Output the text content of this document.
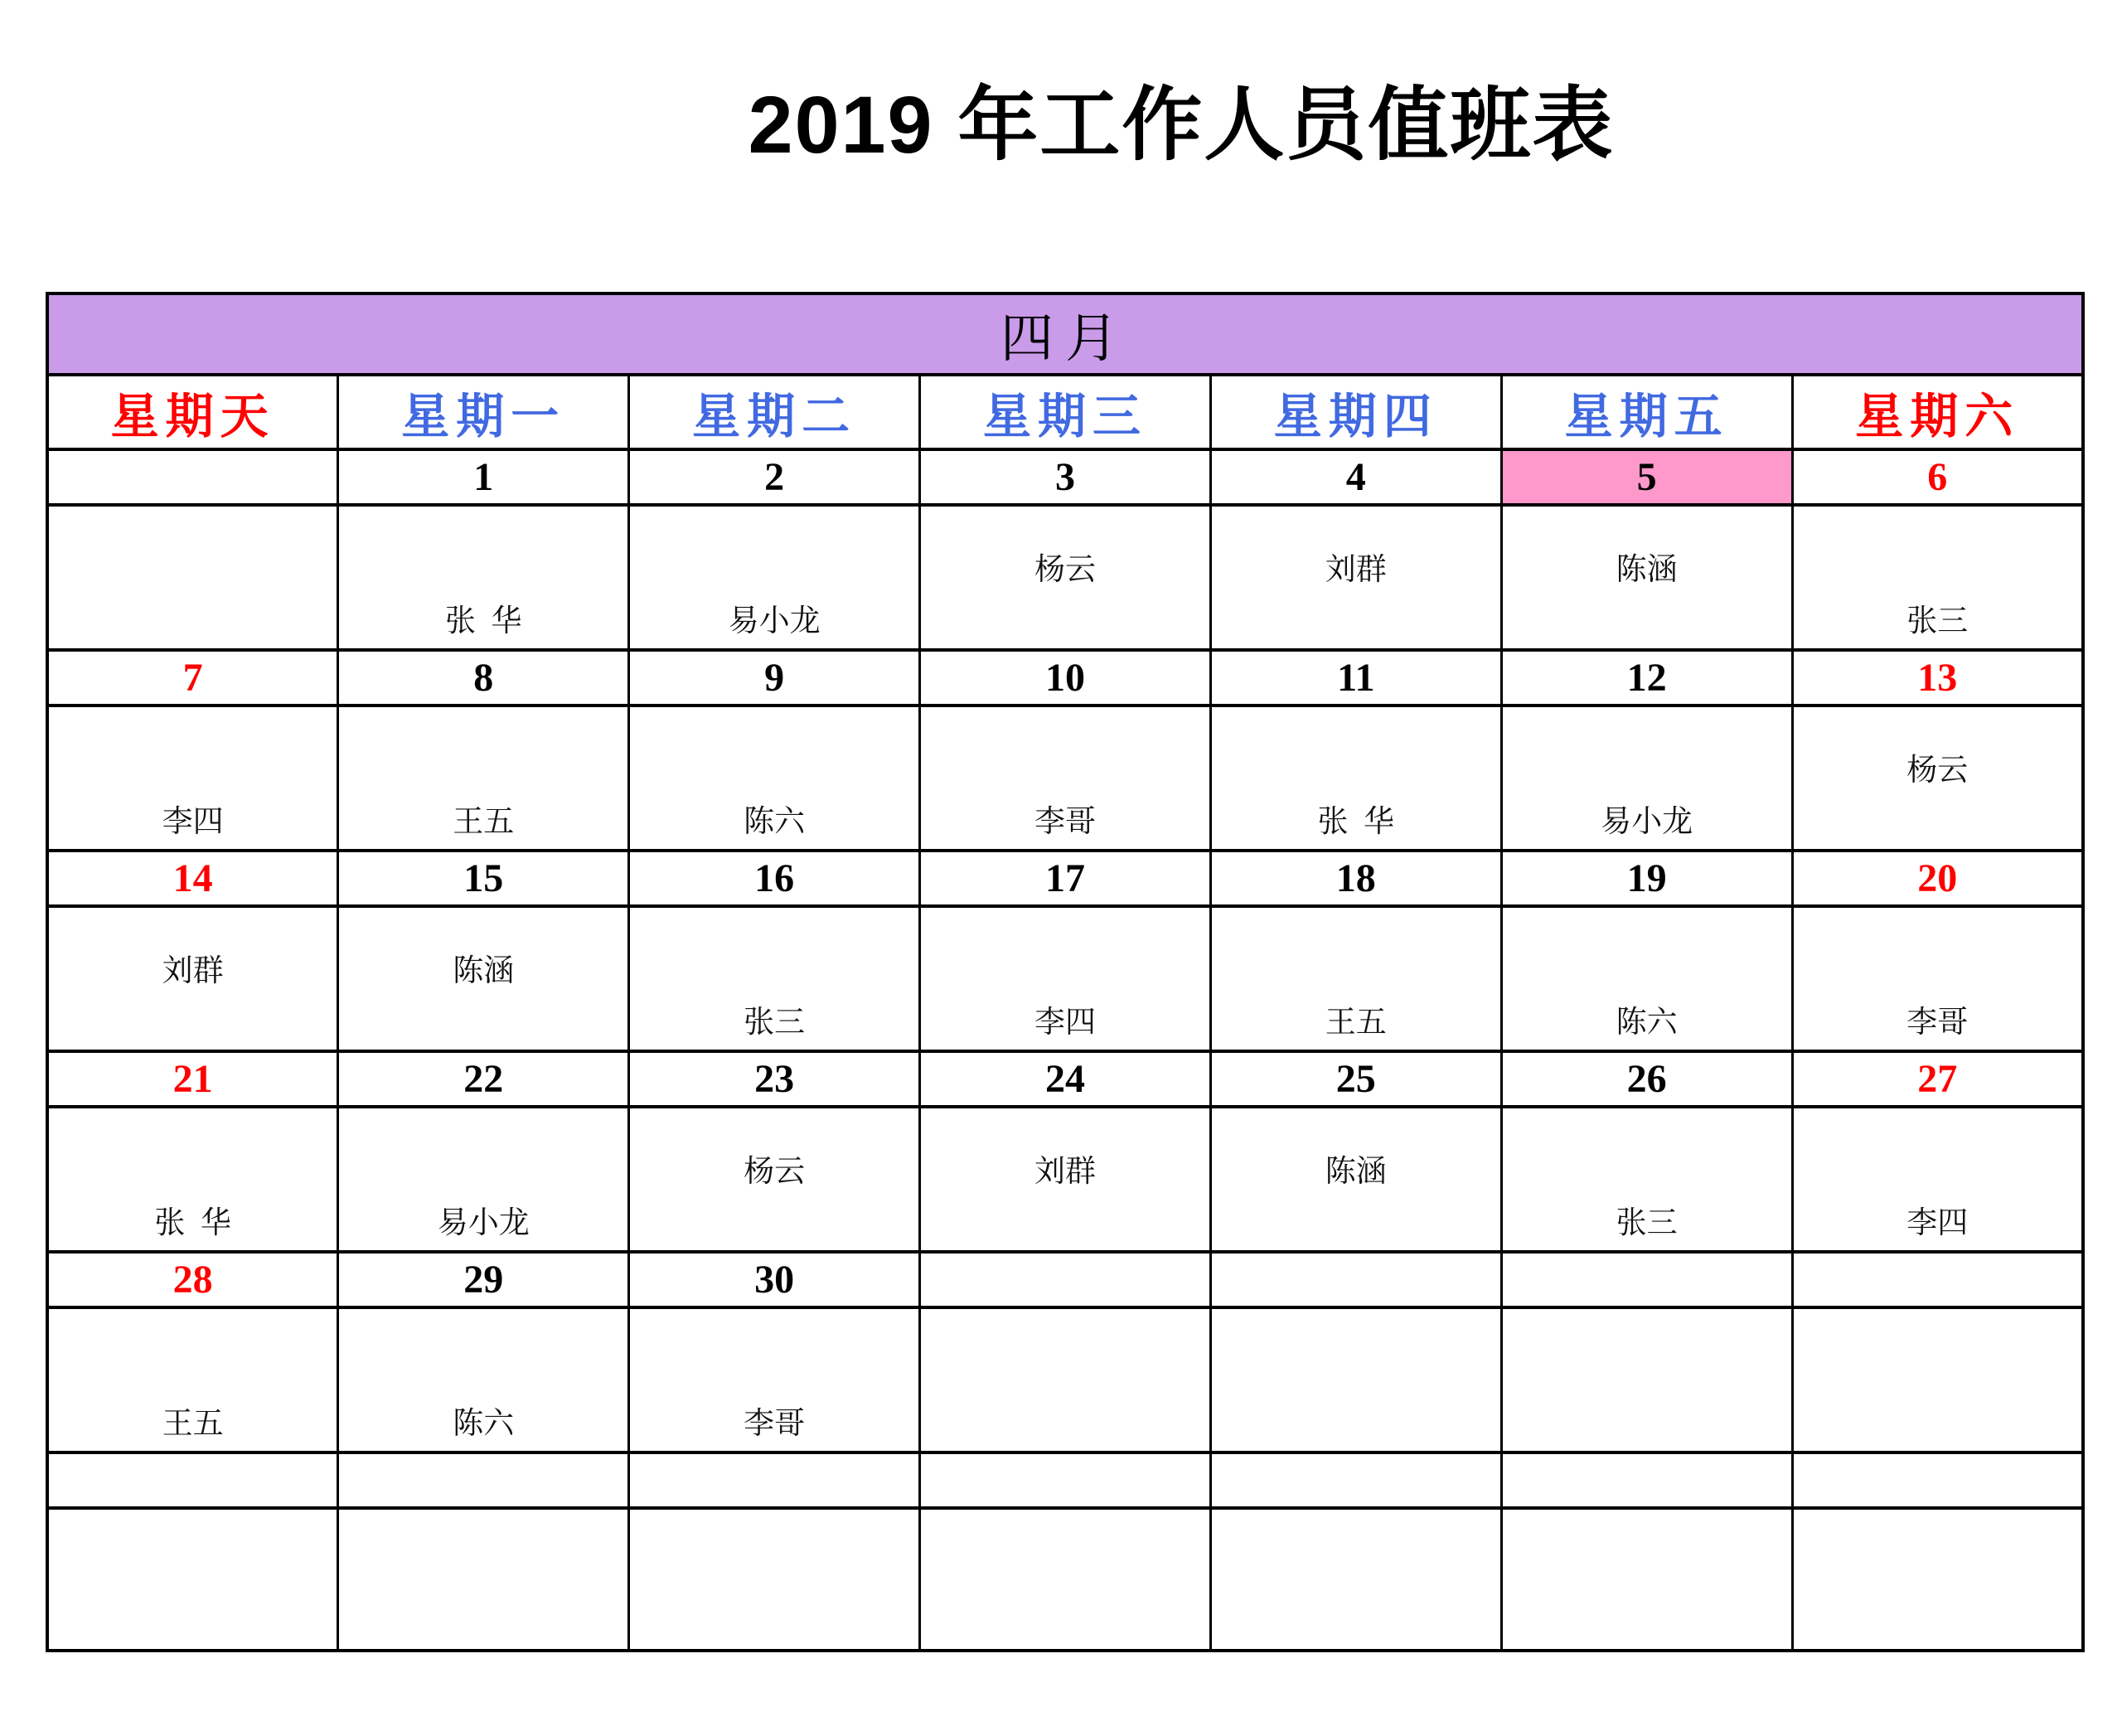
2019 年工作人员值班表
四月						
星期天	星期一	星期二	星期三	星期四	星期五	星期六
	1	2	3	4	5	6
	张  华	易小龙	杨云	刘群	陈涵	张三
7	8	9	10	11	12	13
李四	王五	陈六	李哥	张  华	易小龙	杨云
14	15	16	17	18	19	20
刘群	陈涵	张三	李四	王五	陈六	李哥
21	22	23	24	25	26	27
张  华	易小龙	杨云	刘群	陈涵	张三	李四
28	29	30				
王五	陈六	李哥				
